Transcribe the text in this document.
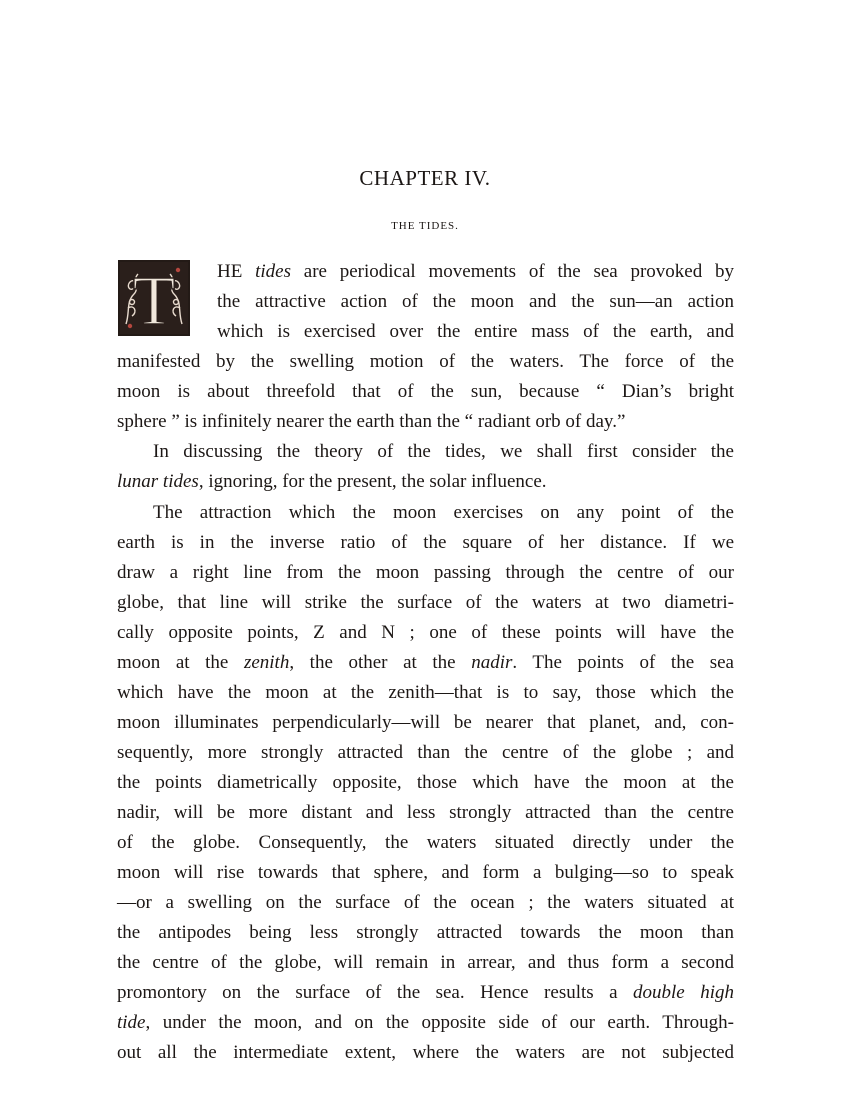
CHAPTER IV.
THE TIDES.
T	HE tides are periodical movements of the sea provoked by
the attractive action of the moon and the sun—an action
which is exercised over the entire mass of the earth, and
manifested by the swelling motion of the waters. The force of the
moon is about threefold that of the sun, because “ Dian’s bright
sphere ” is infinitely nearer the earth than the “ radiant orb of day.”
In discussing the theory of the tides, we shall first consider the
lunar tides, ignoring, for the present, the solar influence.
The attraction which the moon exercises on any point of the
earth is in the inverse ratio of the square of her distance. If we
draw a right line from the moon passing through the centre of our
globe, that line will strike the surface of the waters at two diametri-
cally opposite points, Z and N ; one of these points will have the
moon at the zenith, the other at the nadir. The points of the sea
which have the moon at the zenith—that is to say, those which the
moon illuminates perpendicularly—will be nearer that planet, and, con-
sequently, more strongly attracted than the centre of the globe ; and
the points diametrically opposite, those which have the moon at the
nadir, will be more distant and less strongly attracted than the centre
of the globe. Consequently, the waters situated directly under the
moon will rise towards that sphere, and form a bulging—so to speak
—or a swelling on the surface of the ocean ; the waters situated at
the antipodes being less strongly attracted towards the moon than
the centre of the globe, will remain in arrear, and thus form a second
promontory on the surface of the sea. Hence results a double high
tide, under the moon, and on the opposite side of our earth. Through-
out all the intermediate extent, where the waters are not subjected
